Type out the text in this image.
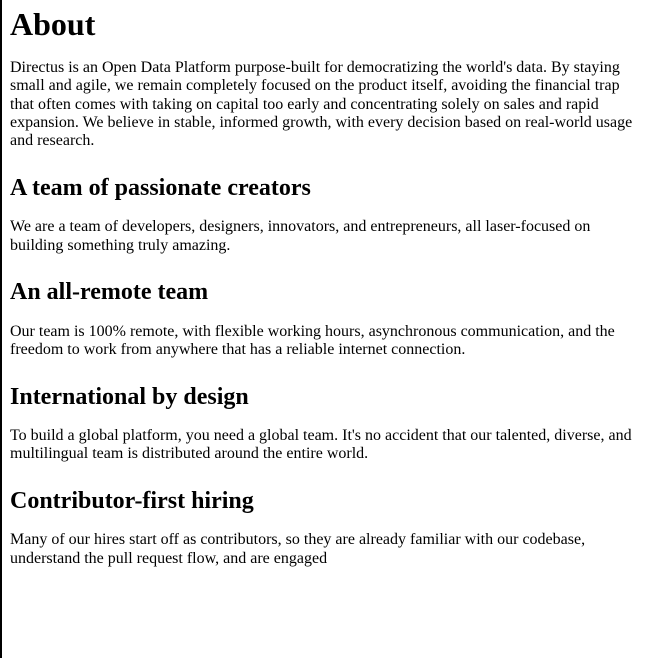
About

Directus is an Open Data Platform purpose-built for democratizing the world's data. By staying small and agile, we remain completely focused on the product itself, avoiding the financial trap that often comes with taking on capital too early and concentrating solely on sales and rapid expansion. We believe in stable, informed growth, with every decision based on real-world usage and research.

A team of passionate creators

We are a team of developers, designers, innovators, and entrepreneurs, all laser-focused on building something truly amazing.

An all-remote team

Our team is 100% remote, with flexible working hours, asynchronous communication, and the freedom to work from anywhere that has a reliable internet connection.

International by design

To build a global platform, you need a global team. It's no accident that our talented, diverse, and multilingual team is distributed around the entire world.

Contributor-first hiring

Many of our hires start off as contributors, so they are already familiar with our codebase, understand the pull request flow, and are engaged
